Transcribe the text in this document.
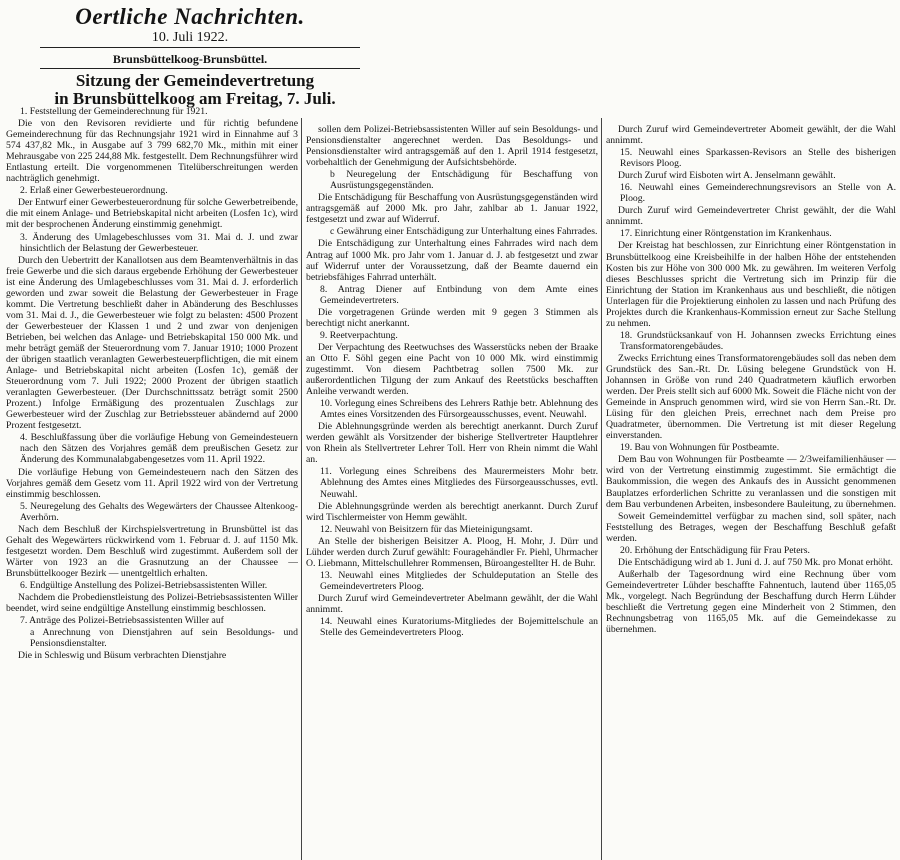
Oertliche Nachrichten.
10. Juli 1922.
Brunsbüttelkoog-Brunsbüttel.
Sitzung der Gemeindevertretung
in Brunsbüttelkoog am Freitag, 7. Juli.

1. Feststellung der Gemeinderechnung für 1921.

Die von den Revisoren revidierte und für richtig befundene Gemeinderechnung für das Rechnungsjahr 1921 wird in Einnahme auf 3 574 437,82 Mk., in Ausgabe auf 3 799 682,70 Mk., mithin mit einer Mehrausgabe von 225 244,88 Mk. festgestellt. Dem Rechnungsführer wird Entlastung erteilt. Die vorgenommenen Titelüberschreitungen werden nachträglich genehmigt.

2. Erlaß einer Gewerbesteuerordnung.

Der Entwurf einer Gewerbesteuerordnung für solche Gewerbetreibende, die mit einem Anlage- und Betriebskapital nicht arbeiten (Losfen 1c), wird mit der besprochenen Änderung einstimmig genehmigt.

3. Änderung des Umlagebeschlusses vom 31. Mai d. J. und zwar hinsichtlich der Belastung der Gewerbesteuer.

Durch den Uebertritt der Kanallotsen aus dem Beamtenverhältnis in das freie Gewerbe und die sich daraus ergebende Erhöhung der Gewerbesteuer ist eine Änderung des Umlagebeschlusses vom 31. Mai d. J. erforderlich geworden und zwar soweit die Belastung der Gewerbesteuer in Frage kommt. Die Vertretung beschließt daher in Abänderung des Beschlusses vom 31. Mai d. J., die Gewerbesteuer wie folgt zu belasten: 4500 Prozent der Gewerbesteuer der Klassen 1 und 2 und zwar von denjenigen Betrieben, bei welchen das Anlage- und Betriebskapital 150 000 Mk. und mehr beträgt gemäß der Steuerordnung vom 7. Januar 1910; 1000 Prozent der übrigen staatlich veranlagten Gewerbesteuerpflichtigen, die mit einem Anlage- und Betriebskapital nicht arbeiten (Losfen 1c), gemäß der Steuerordnung vom 7. Juli 1922; 2000 Prozent der übrigen staatlich veranlagten Gewerbesteuer. (Der Durchschnittssatz beträgt somit 2500 Prozent.) Infolge Ermäßigung des prozentualen Zuschlags zur Gewerbesteuer wird der Zuschlag zur Betriebssteuer abändernd auf 2000 Prozent festgesetzt.

4. Beschlußfassung über die vorläufige Hebung von Gemeindesteuern nach den Sätzen des Vorjahres gemäß dem preußischen Gesetz zur Änderung des Kommunalabgabengesetzes vom 11. April 1922.

Die vorläufige Hebung von Gemeindesteuern nach den Sätzen des Vorjahres gemäß dem Gesetz vom 11. April 1922 wird von der Vertretung einstimmig beschlossen.

5. Neuregelung des Gehalts des Wegewärters der Chaussee Altenkoog-Averhörn.

Nach dem Beschluß der Kirchspielsvertretung in Brunsbüttel ist das Gehalt des Wegewärters rückwirkend vom 1. Februar d. J. auf 1150 Mk. festgesetzt worden. Dem Beschluß wird zugestimmt. Außerdem soll der Wärter von 1923 an die Grasnutzung an der Chaussee — Brunsbüttelkooger Bezirk — unentgeltlich erhalten.

6. Endgültige Anstellung des Polizei-Betriebsassistenten Willer.

Nachdem die Probedienstleistung des Polizei-Betriebsassistenten Willer beendet, wird seine endgültige Anstellung einstimmig beschlossen.

7. Anträge des Polizei-Betriebsassistenten Willer auf

a Anrechnung von Dienstjahren auf sein Besoldungs- und Pensionsdienstalter.

Die in Schleswig und Büsum verbrachten Dienstjahre

sollen dem Polizei-Betriebsassistenten Willer auf sein Besoldungs- und Pensionsdienstalter angerechnet werden. Das Besoldungs- und Pensionsdienstalter wird antragsgemäß auf den 1. April 1914 festgesetzt, vorbehaltlich der Genehmigung der Aufsichtsbehörde.

b Neuregelung der Entschädigung für Beschaffung von Ausrüstungsgegenständen.

Die Entschädigung für Beschaffung von Ausrüstungsgegenständen wird antragsgemäß auf 2000 Mk. pro Jahr, zahlbar ab 1. Januar 1922, festgesetzt und zwar auf Widerruf.

c Gewährung einer Entschädigung zur Unterhaltung eines Fahrrades.

Die Entschädigung zur Unterhaltung eines Fahrrades wird nach dem Antrag auf 1000 Mk. pro Jahr vom 1. Januar d. J. ab festgesetzt und zwar auf Widerruf unter der Voraussetzung, daß der Beamte dauernd ein betriebsfähiges Fahrrad unterhält.

8. Antrag Diener auf Entbindung von dem Amte eines Gemeindevertreters.

Die vorgetragenen Gründe werden mit 9 gegen 3 Stimmen als berechtigt nicht anerkannt.

9. Reetverpachtung.

Der Verpachtung des Reetwuchses des Wasserstücks neben der Braake an Otto F. Söhl gegen eine Pacht von 10 000 Mk. wird einstimmig zugestimmt. Von diesem Pachtbetrag sollen 7500 Mk. zur außerordentlichen Tilgung der zum Ankauf des Reetstücks beschafften Anleihe verwandt werden.

10. Vorlegung eines Schreibens des Lehrers Rathje betr. Ablehnung des Amtes eines Vorsitzenden des Fürsorgeausschusses, event. Neuwahl.

Die Ablehnungsgründe werden als berechtigt anerkannt. Durch Zuruf werden gewählt als Vorsitzender der bisherige Stellvertreter Hauptlehrer von Rhein als Stellvertreter Lehrer Toll. Herr von Rhein nimmt die Wahl an.

11. Vorlegung eines Schreibens des Maurermeisters Mohr betr. Ablehnung des Amtes eines Mitgliedes des Fürsorgeausschusses, evtl. Neuwahl.

Die Ablehnungsgründe werden als berechtigt anerkannt. Durch Zuruf wird Tischlermeister von Hemm gewählt.

12. Neuwahl von Beisitzern für das Mieteinigungsamt.

An Stelle der bisherigen Beisitzer A. Ploog, H. Mohr, J. Dürr und Lühder werden durch Zuruf gewählt: Fouragehändler Fr. Piehl, Uhrmacher O. Liebmann, Mittelschullehrer Rommensen, Büroangestellter H. de Buhr.

13. Neuwahl eines Mitgliedes der Schuldeputation an Stelle des Gemeindevertreters Ploog.

Durch Zuruf wird Gemeindevertreter Abelmann gewählt, der die Wahl annimmt.

14. Neuwahl eines Kuratoriums-Mitgliedes der Bojemittelschule an Stelle des Gemeindevertreters Ploog.

Durch Zuruf wird Gemeindevertreter Abomeit gewählt, der die Wahl annimmt.

15. Neuwahl eines Sparkassen-Revisors an Stelle des bisherigen Revisors Ploog.

Durch Zuruf wird Eisboten wirt A. Jenselmann gewählt.

16. Neuwahl eines Gemeinderechnungsrevisors an Stelle von A. Ploog.

Durch Zuruf wird Gemeindevertreter Christ gewählt, der die Wahl annimmt.

17. Einrichtung einer Röntgenstation im Krankenhaus.

Der Kreistag hat beschlossen, zur Einrichtung einer Röntgenstation in Brunsbüttelkoog eine Kreisbeihilfe in der halben Höhe der entstehenden Kosten bis zur Höhe von 300 000 Mk. zu gewähren. Im weiteren Verfolg dieses Beschlusses spricht die Vertretung sich im Prinzip für die Einrichtung der Station im Krankenhaus aus und beschließt, die nötigen Unterlagen für die Projektierung einholen zu lassen und nach Prüfung des Projektes durch die Krankenhaus-Kommission erneut zur Sache Stellung zu nehmen.

18. Grundstücksankauf von H. Johannsen zwecks Errichtung eines Transformatorengebäudes.

Zwecks Errichtung eines Transformatorengebäudes soll das neben dem Grundstück des San.-Rt. Dr. Lüsing belegene Grundstück von H. Johannsen in Größe von rund 240 Quadratmetern käuflich erworben werden. Der Preis stellt sich auf 6000 Mk. Soweit die Fläche nicht von der Gemeinde in Anspruch genommen wird, wird sie von Herrn San.-Rt. Dr. Lüsing für den gleichen Preis, errechnet nach dem Preise pro Quadratmeter, übernommen. Die Vertretung ist mit dieser Regelung einverstanden.

19. Bau von Wohnungen für Postbeamte.

Dem Bau von Wohnungen für Postbeamte — 2/3weifamilienhäuser — wird von der Vertretung einstimmig zugestimmt. Sie ermächtigt die Baukommission, die wegen des Ankaufs des in Aussicht genommenen Bauplatzes erforderlichen Schritte zu veranlassen und die sonstigen mit dem Bau verbundenen Arbeiten, insbesondere Bauleitung, zu übernehmen.

Soweit Gemeindemittel verfügbar zu machen sind, soll später, nach Feststellung des Betrages, wegen der Beschaffung Beschluß gefaßt werden.

20. Erhöhung der Entschädigung für Frau Peters.

Die Entschädigung wird ab 1. Juni d. J. auf 750 Mk. pro Monat erhöht.

Außerhalb der Tagesordnung wird eine Rechnung über vom Gemeindevertreter Lühder beschaffte Fahnentuch, lautend über 1165,05 Mk., vorgelegt. Nach Begründung der Beschaffung durch Herrn Lühder beschließt die Vertretung gegen eine Minderheit von 2 Stimmen, den Rechnungsbetrag von 1165,05 Mk. auf die Gemeindekasse zu übernehmen.
